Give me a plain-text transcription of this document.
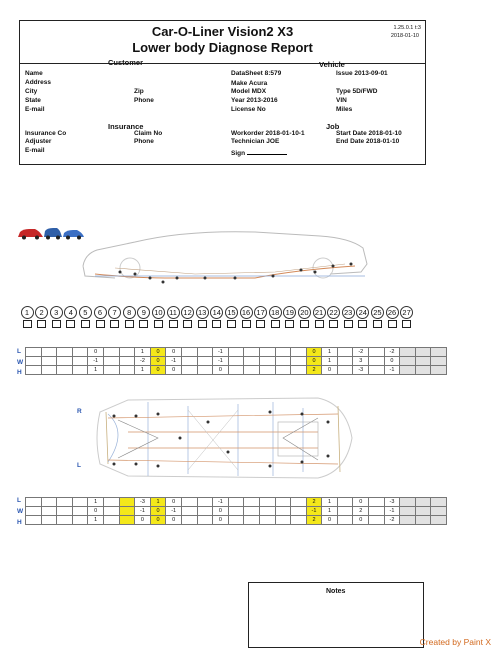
Car-O-Liner Vision2 X3
Lower body Diagnose Report
1.25.0.1 t:3
2018-01-10
Customer
Name
Address
City	Zip
State	Phone
E-mail
Vehicle
DataSheet 8:579	Issue 2013-09-01
Make Acura
Model MDX	Type 5D/FWD
Year 2013-2016	VIN
License No	Miles
Insurance
Insurance Co	Claim No
Adjuster	Phone
E-mail
Job
Workorder 2018-01-10-1	Start Date 2018-01-10
Technician JOE	End Date 2018-01-10
Sign
1	2	3	4	5	6	7	8	9	10 11 12 13 14 15 16 17 18 19 20 21 22 23 24 25 26 27
L
W
H
				0			1	0	0			-1						0	1		-2		-2			
				-1			-2	0	-1			-1						0	1		3		0			
				1			1	0	0			0						2	0		-3		-1			
R
L
L
W
H
				1			-3	1	0			-1						2	1		0		-3			
				0			-1	0	-1			0						-1	1		2		-1			
				1			0	0	0			0						2	0		0		-2			
Notes
Created by Paint X
